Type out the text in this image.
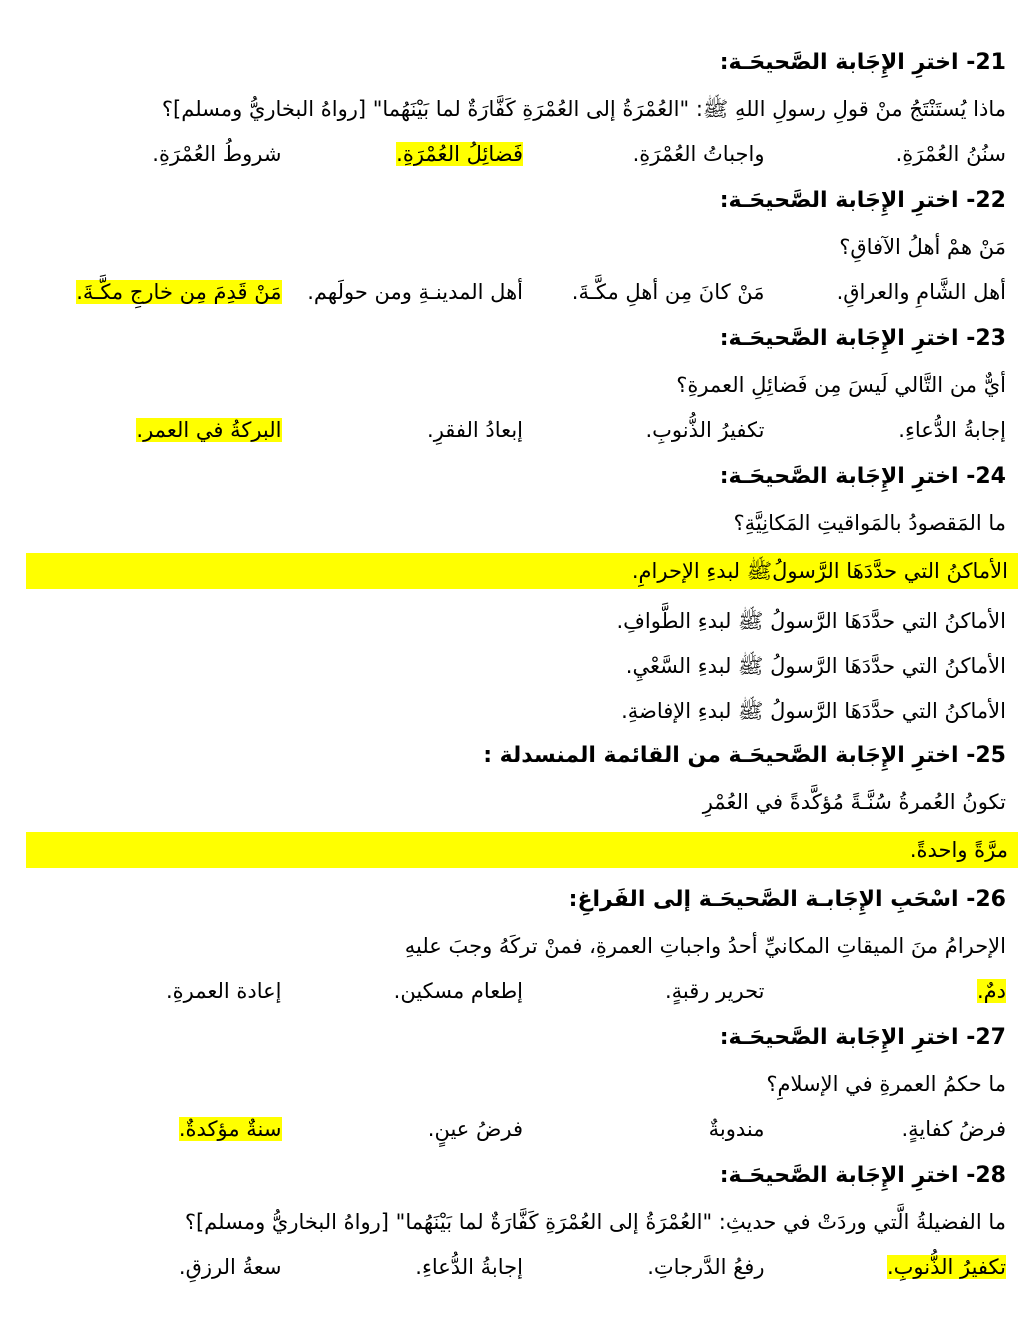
21- اخترِ الإِجَابة الصَّحيحَـة:
ماذا يُستَنْتَجُ منْ قولِ رسولِ اللهِ ﷺ: "العُمْرَةُ إلى العُمْرَةِ كَفَّارَةٌ لما بَيْنَهُما" [رواهُ البخاريُّ ومسلم]؟
سنُنُ العُمْرَةِ.
واجباتُ العُمْرَةِ.
فَضائِلُ العُمْرَةِ.
شروطُ العُمْرَةِ.
22- اخترِ الإِجَابة الصَّحيحَـة:
مَنْ همْ أهلُ الآفاقِ؟
أهل الشَّامِ والعراقِ.
مَنْ كانَ مِن أهلِ مكَّـةَ.
أهل المدينـةِ ومن حولَهم.
مَنْ قَدِمَ مِن خارجِ مكَّـةَ.
23- اخترِ الإِجَابة الصَّحيحَـة:
أيٌّ من التَّالي لَيسَ مِن فَضائِلِ العمرةِ؟
إجابةُ الدُّعاءِ.
تكفيرُ الذُّنوبِ.
إبعادُ الفقرِ.
البركةُ في العمر.
24- اخترِ الإِجَابة الصَّحيحَـة:
ما المَقصودُ بالمَواقيتِ المَكانِيَّةِ؟
الأماكنُ التي حدَّدَهَا الرَّسولُﷺ لبدءِ الإحرامِ.
الأماكنُ التي حدَّدَهَا الرَّسولُ ﷺ لبدءِ الطَّوافِ.
الأماكنُ التي حدَّدَهَا الرَّسولُ ﷺ لبدءِ السَّعْيِ.
الأماكنُ التي حدَّدَهَا الرَّسولُ ﷺ لبدءِ الإفاضةِ.
25- اخترِ الإِجَابة الصَّحيحَـة من القائمة المنسدلة :
تكونُ العُمرةُ سُنَّـةً مُؤكَّدةً في العُمْرِ
مرَّةً واحدةً.
26- اسْحَبِ الإِجَابـة الصَّحيحَـة إلى الفَراغِ:
الإحرامُ منَ الميقاتِ المكانيِّ أحدُ واجباتِ العمرةِ، فمنْ تركَهُ وجبَ عليهِ
دمٌ.
تحرير رقبةٍ.
إطعام مسكين.
إعادة العمرةِ.
27- اخترِ الإِجَابة الصَّحيحَـة:
ما حكمُ العمرةِ في الإسلامِ؟
فرضُ كفايةٍ.
مندوبةٌ
فرضُ عينٍ.
سنةٌ مؤكدةٌ.
28- اخترِ الإِجَابة الصَّحيحَـة:
ما الفضيلةُ الَّتي وردَتْ في حديثِ: "العُمْرَةُ إلى العُمْرَةِ كَفَّارَةٌ لما بَيْنَهُما" [رواهُ البخاريُّ ومسلم]؟
تكفيرُ الذُّنوبِ.
رفعُ الدَّرجاتِ.
إجابةُ الدُّعاءِ.
سعةُ الرزقِ.
